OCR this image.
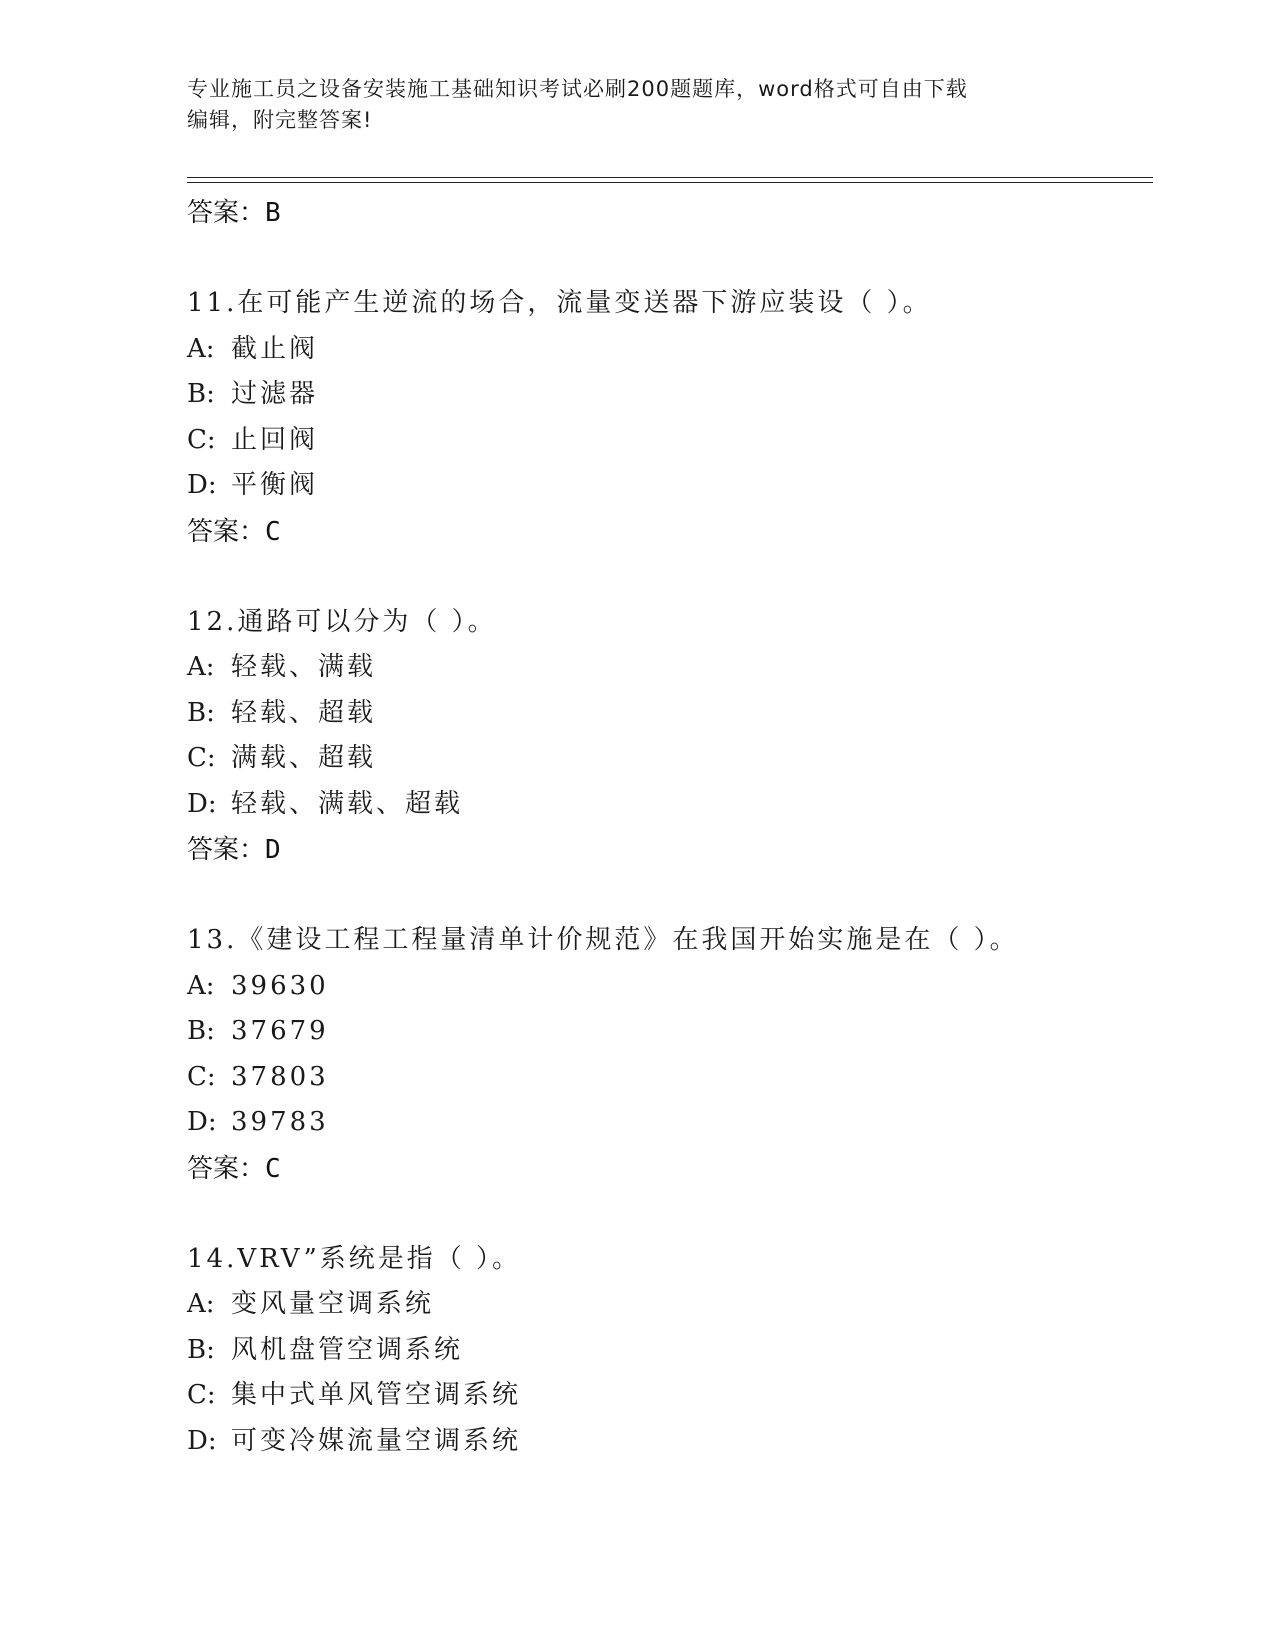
专业施工员之设备安装施工基础知识考试必刷200题题库，word格式可自由下载
编辑，附完整答案!
答案：B
11.在可能产生逆流的场合，流量变送器下游应装设（ ）。
A: 截止阀
B: 过滤器
C: 止回阀
D: 平衡阀
答案：C
12.通路可以分为（ ）。
A: 轻载、满载
B: 轻载、超载
C: 满载、超载
D: 轻载、满载、超载
答案：D
13.《建设工程工程量清单计价规范》在我国开始实施是在（ ）。
A: 39630
B: 37679
C: 37803
D: 39783
答案：C
14.VRV”系统是指（ ）。
A: 变风量空调系统
B: 风机盘管空调系统
C: 集中式单风管空调系统
D: 可变冷媒流量空调系统
